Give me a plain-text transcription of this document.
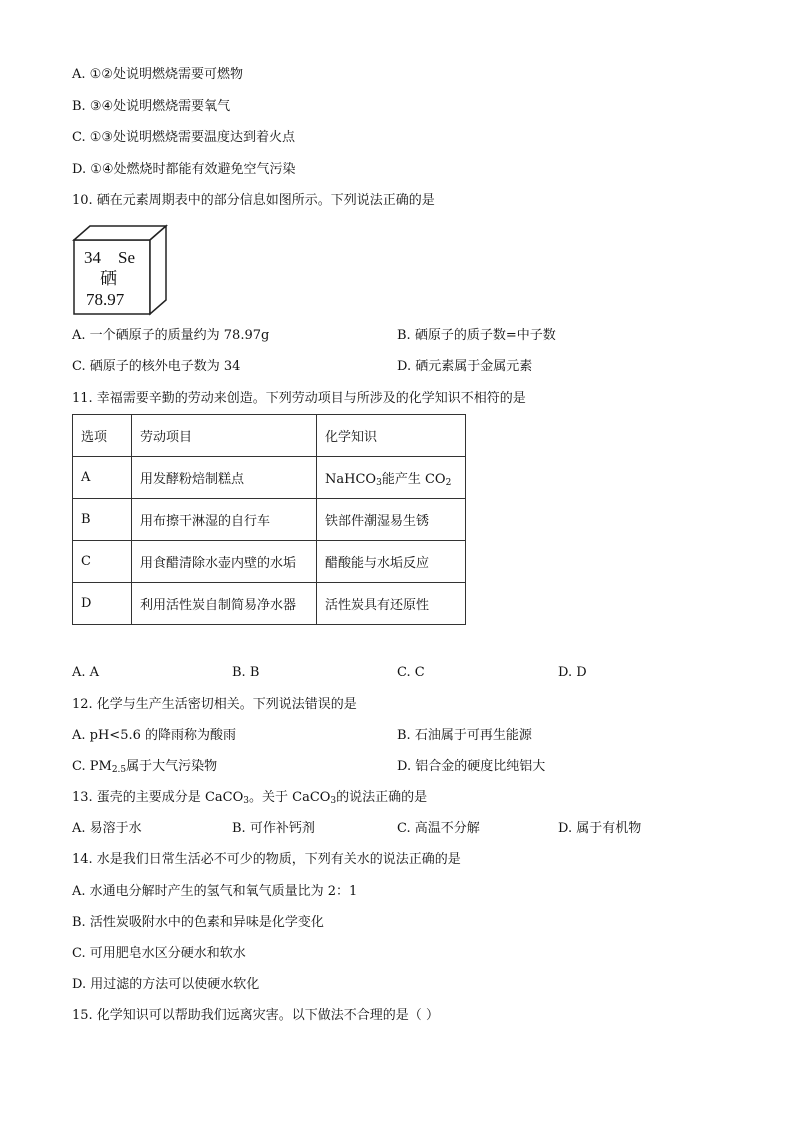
A. ①②处说明燃烧需要可燃物
B. ③④处说明燃烧需要氧气
C. ①③处说明燃烧需要温度达到着火点
D. ①④处燃烧时都能有效避免空气污染
10. 硒在元素周期表中的部分信息如图所示。下列说法正确的是
34 Se
硒
78.97
A. 一个硒原子的质量约为 78.97g	B. 硒原子的质子数=中子数
C. 硒原子的核外电子数为 34	D. 硒元素属于金属元素
11. 幸福需要辛勤的劳动来创造。下列劳动项目与所涉及的化学知识不相符的是
选项	劳动项目	化学知识
A	用发酵粉焙制糕点	NaHCO$_3$能产生 $CO_2$
B	用布擦干淋湿的自行车	铁部件潮湿易生锈
C	用食醋清除水壶内壁的水垢	醋酸能与水垢反应
D	利用活性炭自制简易净水器	活性炭具有还原性
A. A	B. B	C. C	D. D
12. 化学与生产生活密切相关。下列说法错误的是
A. pH<5.6 的降雨称为酸雨	B. 石油属于可再生能源
C. $PM_{2.5}$属于大气污染物	D. 铝合金的硬度比纯铝大
13. 蛋壳的主要成分是 CaCO$_3$。关于 CaCO$_3$的说法正确的是
A. 易溶于水	B. 可作补钙剂	C. 高温不分解	D. 属于有机物
14. 水是我们日常生活必不可少的物质，下列有关水的说法正确的是
A. 水通电分解时产生的氢气和氧气质量比为 2：1
B. 活性炭吸附水中的色素和异味是化学变化
C. 可用肥皂水区分硬水和软水
D. 用过滤的方法可以使硬水软化
15. 化学知识可以帮助我们远离灾害。以下做法不合理的是（ ）
